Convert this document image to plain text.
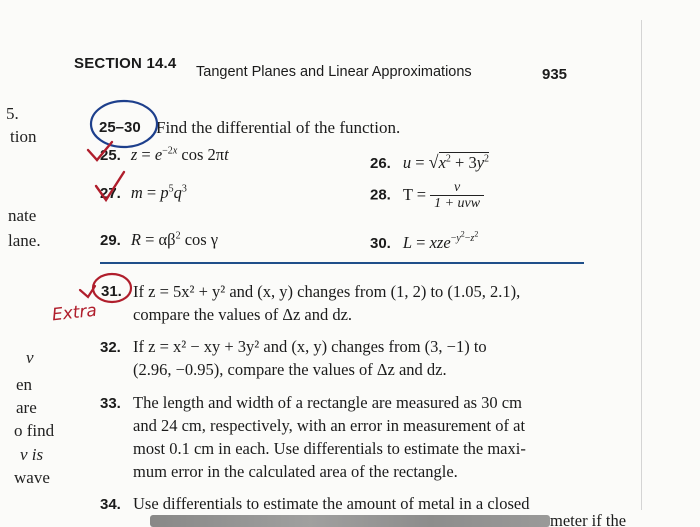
SECTION 14.4 Tangent Planes and Linear Approximations	935
5.
tion
nate
lane.
v
en
are
o find
v is
wave
25–30 Find the differential of the function.
25. $z = e^{-2x}$ cos 2πt	26. $u = √x^2 + 3y^2$
27. $m = p^5q^3$	28. $T = \frac{v}{\text{1 + uvw}}$
29. $R = \alpha\beta^2$ cos γ	30. L = xze$^{-y^2-z^2}$
31. If z = 5x² + y² and (x, y) changes from (1, 2) to (1.05, 2.1),
compare the values of Δz and dz.
32. If z = x² − xy + 3y² and (x, y) changes from (3, −1) to
(2.96, −0.95), compare the values of Δz and dz.
33. The length and width of a rectangle are measured as 30 cm
and 24 cm, respectively, with an error in measurement of at
most 0.1 cm in each. Use differentials to estimate the maxi-
mum error in the calculated area of the rectangle.
34. Use differentials to estimate the amount of metal in a closed
meter if the
Extra
